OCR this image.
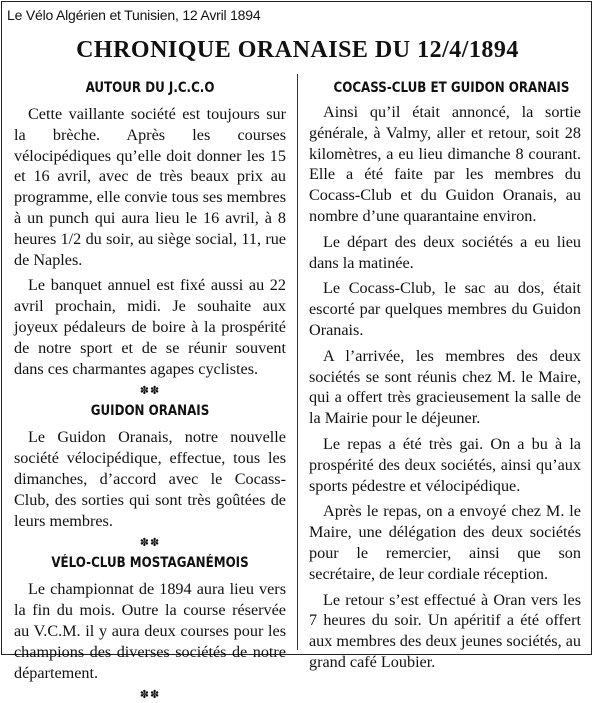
Le Vélo Algérien et Tunisien, 12 Avril 1894
CHRONIQUE ORANAISE DU 12/4/1894
AUTOUR DU J.C.C.O

Cette vaillante société est toujours sur la brèche. Après les courses vélocipédiques qu’elle doit donner les 15 et 16 avril, avec de très beaux prix au programme, elle convie tous ses membres à un punch qui aura lieu le 16 avril, à 8 heures 1/2 du soir, au siège social, 11, rue de Naples.

Le banquet annuel est fixé aussi au 22 avril prochain, midi. Je souhaite aux joyeux pédaleurs de boire à la prospérité de notre sport et de se réunir souvent dans ces charmantes agapes cyclistes.

✽✽
GUIDON ORANAIS

Le Guidon Oranais, notre nouvelle société vélocipédique, effectue, tous les dimanches, d’accord avec le Cocass-Club, des sorties qui sont très goûtées de leurs membres.

✽✽
VÉLO-CLUB MOSTAGANÉMOIS

Le championnat de 1894 aura lieu vers la fin du mois. Outre la course réservée au V.C.M. il y aura deux courses pour les champions des diverses sociétés de notre département.

✽✽
COCASS-CLUB ET GUIDON ORANAIS

Ainsi qu’il était annoncé, la sortie générale, à Valmy, aller et retour, soit 28 kilomètres, a eu lieu dimanche 8 courant. Elle a été faite par les membres du Cocass-Club et du Guidon Oranais, au nombre d’une quarantaine environ.

Le départ des deux sociétés a eu lieu dans la matinée.

Le Cocass-Club, le sac au dos, était escorté par quelques membres du Guidon Oranais.

A l’arrivée, les membres des deux sociétés se sont réunis chez M. le Maire, qui a offert très gracieusement la salle de la Mairie pour le déjeuner.

Le repas a été très gai. On a bu à la prospérité des deux sociétés, ainsi qu’aux sports pédestre et vélocipédique.

Après le repas, on a envoyé chez M. le Maire, une délégation des deux sociétés pour le remercier, ainsi que son secrétaire, de leur cordiale réception.

Le retour s’est effectué à Oran vers les 7 heures du soir. Un apéritif a été offert aux membres des deux jeunes sociétés, au grand café Loubier.
